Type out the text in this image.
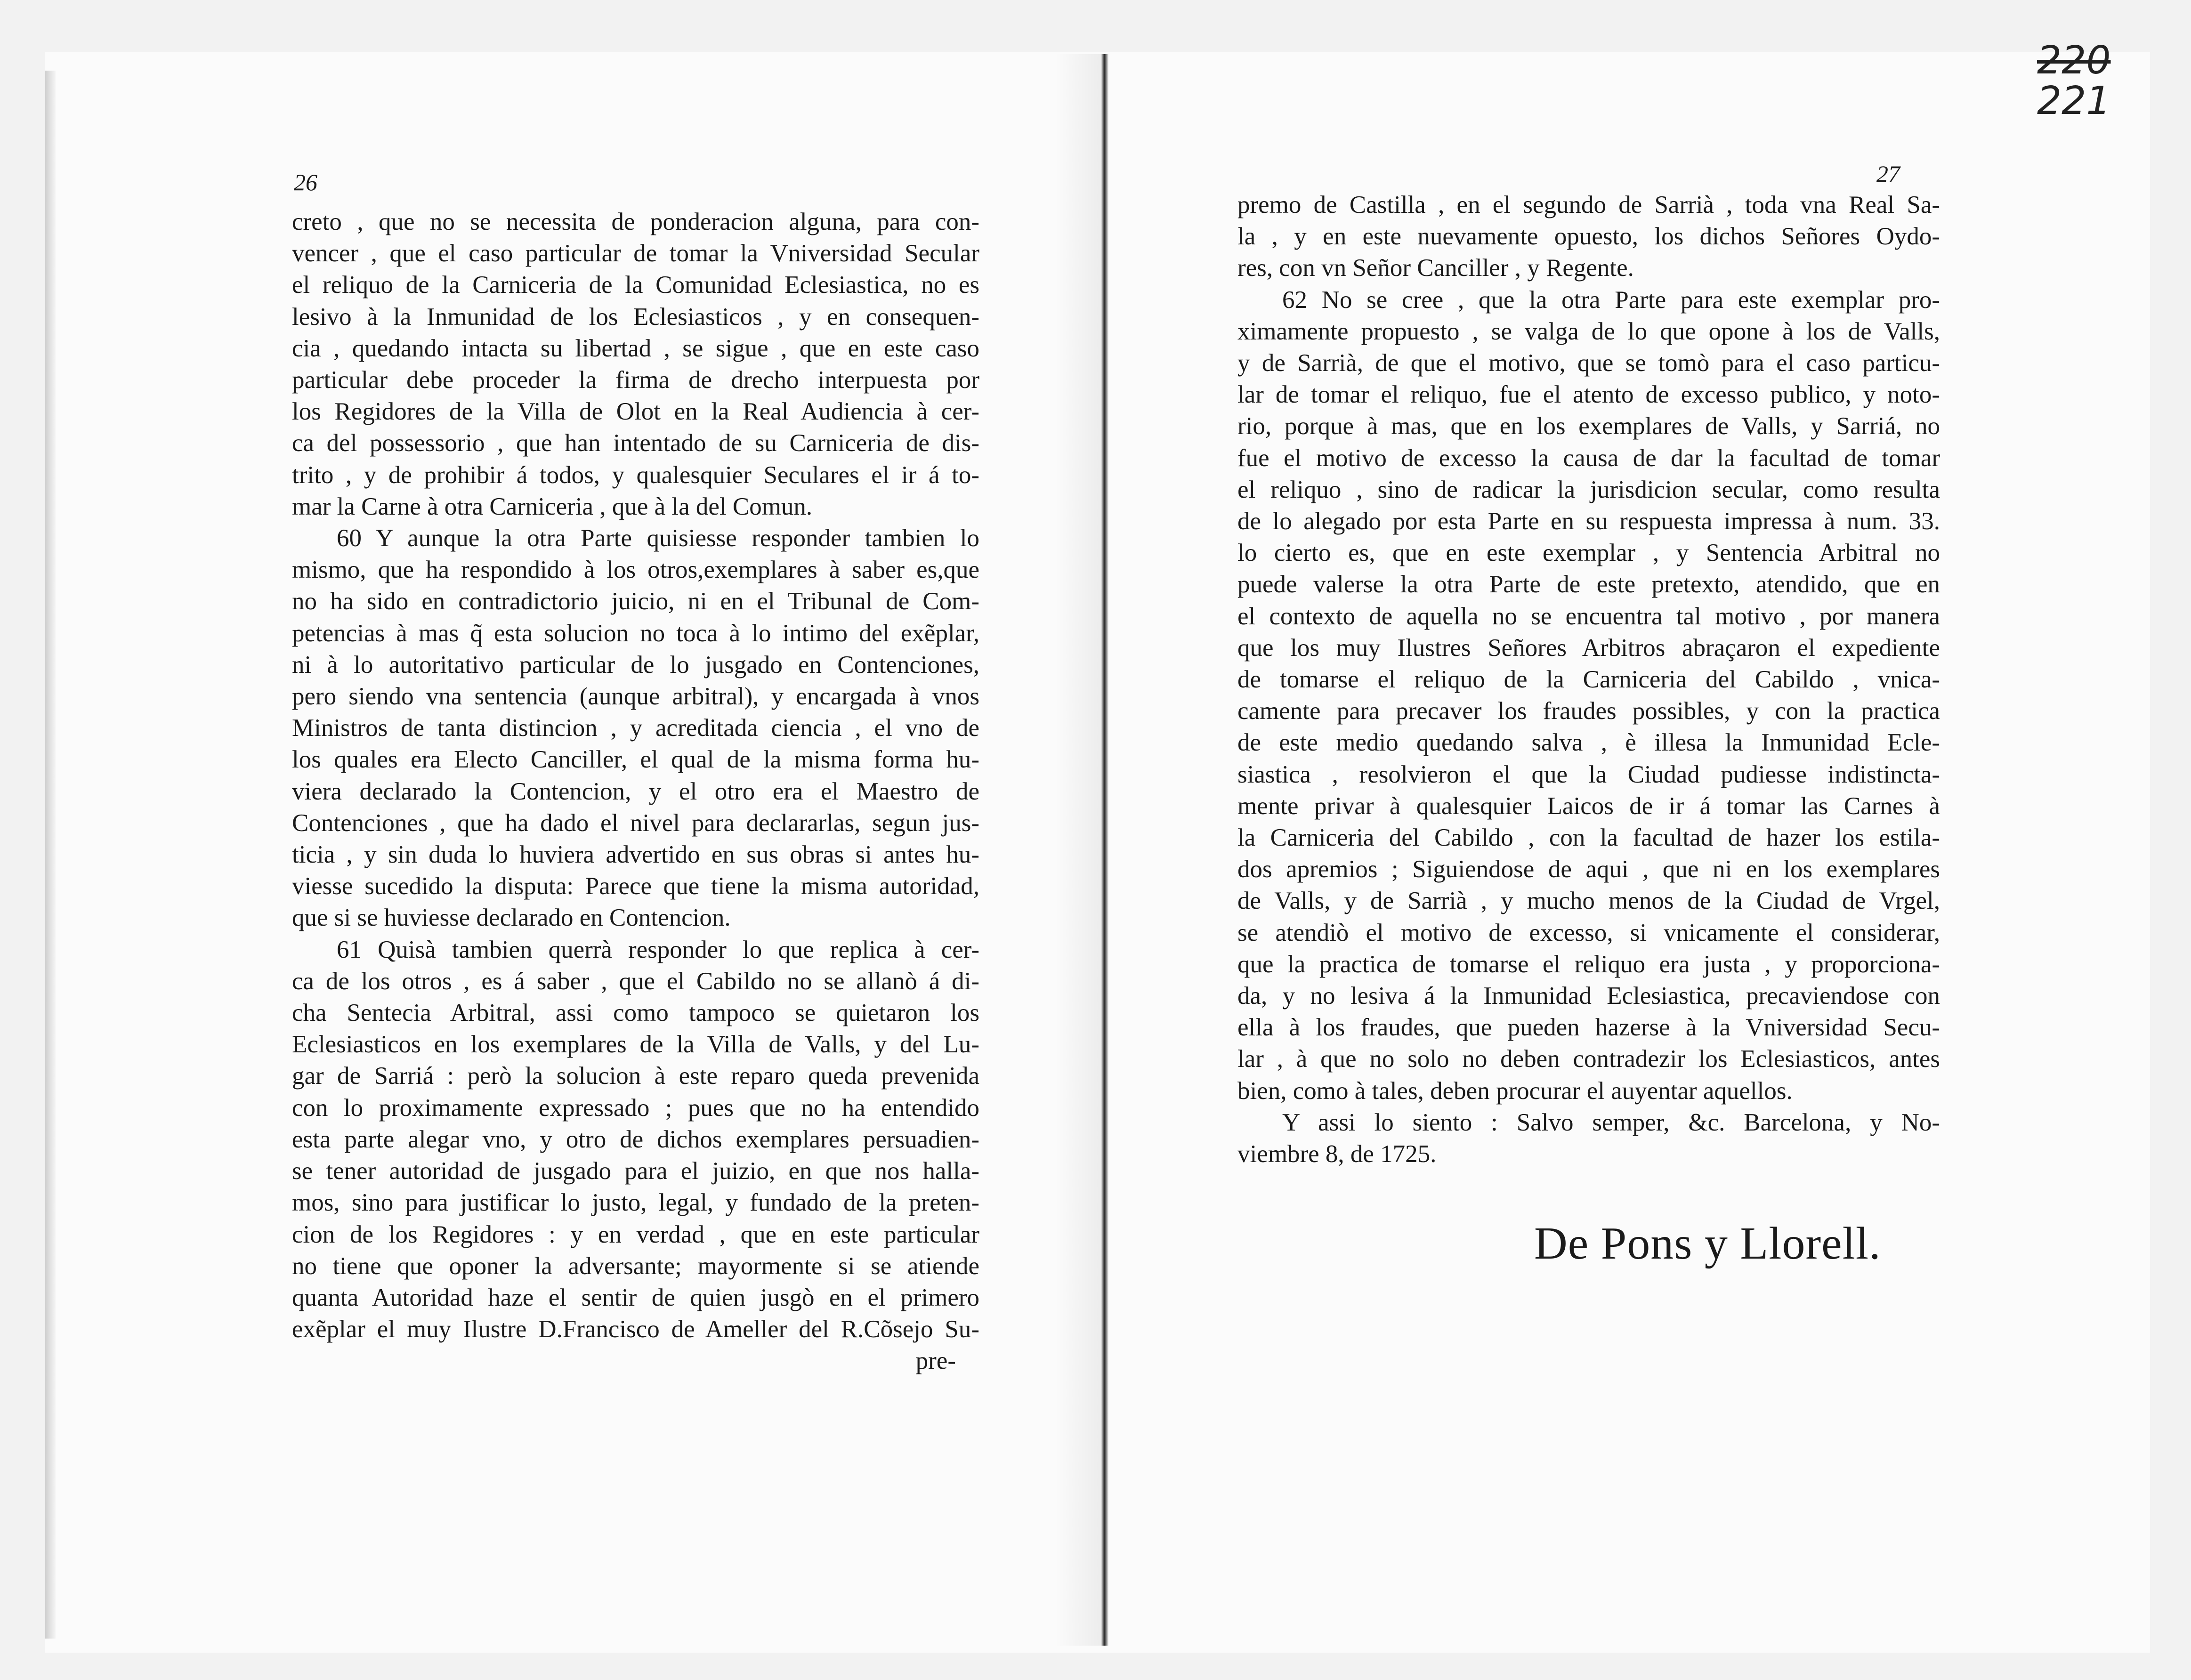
220
221
26	27
creto , que no se necessita de ponderacion alguna, para con-
vencer , que el caso particular de tomar la Vniversidad Secular
el reliquo de la Carniceria de la Comunidad Eclesiastica, no es
lesivo à la Inmunidad de los Eclesiasticos , y en consequen-
cia , quedando intacta su libertad , se sigue , que en este caso
particular debe proceder la firma de drecho interpuesta por
los Regidores de la Villa de Olot en la Real Audiencia à cer-
ca del possessorio , que han intentado de su Carniceria de dis-
trito , y de prohibir á todos, y qualesquier Seculares el ir á to-
mar la Carne à otra Carniceria , que à la del Comun.
60 Y aunque la otra Parte quisiesse responder tambien lo
mismo, que ha respondido à los otros,exemplares à saber es,que
no ha sido en contradictorio juicio, ni en el Tribunal de Com-
petencias à mas q̃ esta solucion no toca à lo intimo del exẽplar,
ni à lo autoritativo particular de lo jusgado en Contenciones,
pero siendo vna sentencia (aunque arbitral), y encargada à vnos
Ministros de tanta distincion , y acreditada ciencia , el vno de
los quales era Electo Canciller, el qual de la misma forma hu-
viera declarado la Contencion, y el otro era el Maestro de
Contenciones , que ha dado el nivel para declararlas, segun jus-
ticia , y sin duda lo huviera advertido en sus obras si antes hu-
viesse sucedido la disputa: Parece que tiene la misma autoridad,
que si se huviesse declarado en Contencion.
61 Quisà tambien querrà responder lo que replica à cer-
ca de los otros , es á saber , que el Cabildo no se allanò á di-
cha Sentecia Arbitral, assi como tampoco se quietaron los
Eclesiasticos en los exemplares de la Villa de Valls, y del Lu-
gar de Sarriá : però la solucion à este reparo queda prevenida
con lo proximamente expressado ; pues que no ha entendido
esta parte alegar vno, y otro de dichos exemplares persuadien-
se tener autoridad de jusgado para el juizio, en que nos halla-
mos, sino para justificar lo justo, legal, y fundado de la preten-
cion de los Regidores : y en verdad , que en este particular
no tiene que oponer la adversante; mayormente si se atiende
quanta Autoridad haze el sentir de quien jusgò en el primero
exẽplar el muy Ilustre D.Francisco de Ameller del R.Cõsejo Su-
pre-
premo de Castilla , en el segundo de Sarrià , toda vna Real Sa-
la , y en este nuevamente opuesto, los dichos Señores Oydo-
res, con vn Señor Canciller , y Regente.
62 No se cree , que la otra Parte para este exemplar pro-
ximamente propuesto , se valga de lo que opone à los de Valls,
y de Sarrià, de que el motivo, que se tomò para el caso particu-
lar de tomar el reliquo, fue el atento de excesso publico, y noto-
rio, porque à mas, que en los exemplares de Valls, y Sarriá, no
fue el motivo de excesso la causa de dar la facultad de tomar
el reliquo , sino de radicar la jurisdicion secular, como resulta
de lo alegado por esta Parte en su respuesta impressa à num. 33.
lo cierto es, que en este exemplar , y Sentencia Arbitral no
puede valerse la otra Parte de este pretexto, atendido, que en
el contexto de aquella no se encuentra tal motivo , por manera
que los muy Ilustres Señores Arbitros abraçaron el expediente
de tomarse el reliquo de la Carniceria del Cabildo , vnica-
camente para precaver los fraudes possibles, y con la practica
de este medio quedando salva , è illesa la Inmunidad Ecle-
siastica , resolvieron el que la Ciudad pudiesse indistincta-
mente privar à qualesquier Laicos de ir á tomar las Carnes à
la Carniceria del Cabildo , con la facultad de hazer los estila-
dos apremios ; Siguiendose de aqui , que ni en los exemplares
de Valls, y de Sarrià , y mucho menos de la Ciudad de Vrgel,
se atendiò el motivo de excesso, si vnicamente el considerar,
que la practica de tomarse el reliquo era justa , y proporciona-
da, y no lesiva á la Inmunidad Eclesiastica, precaviendose con
ella à los fraudes, que pueden hazerse à la Vniversidad Secu-
lar , à que no solo no deben contradezir los Eclesiasticos, antes
bien, como à tales, deben procurar el auyentar aquellos.
Y assi lo siento : Salvo semper, &c. Barcelona, y No-
viembre 8, de 1725.
De Pons y Llorell.
